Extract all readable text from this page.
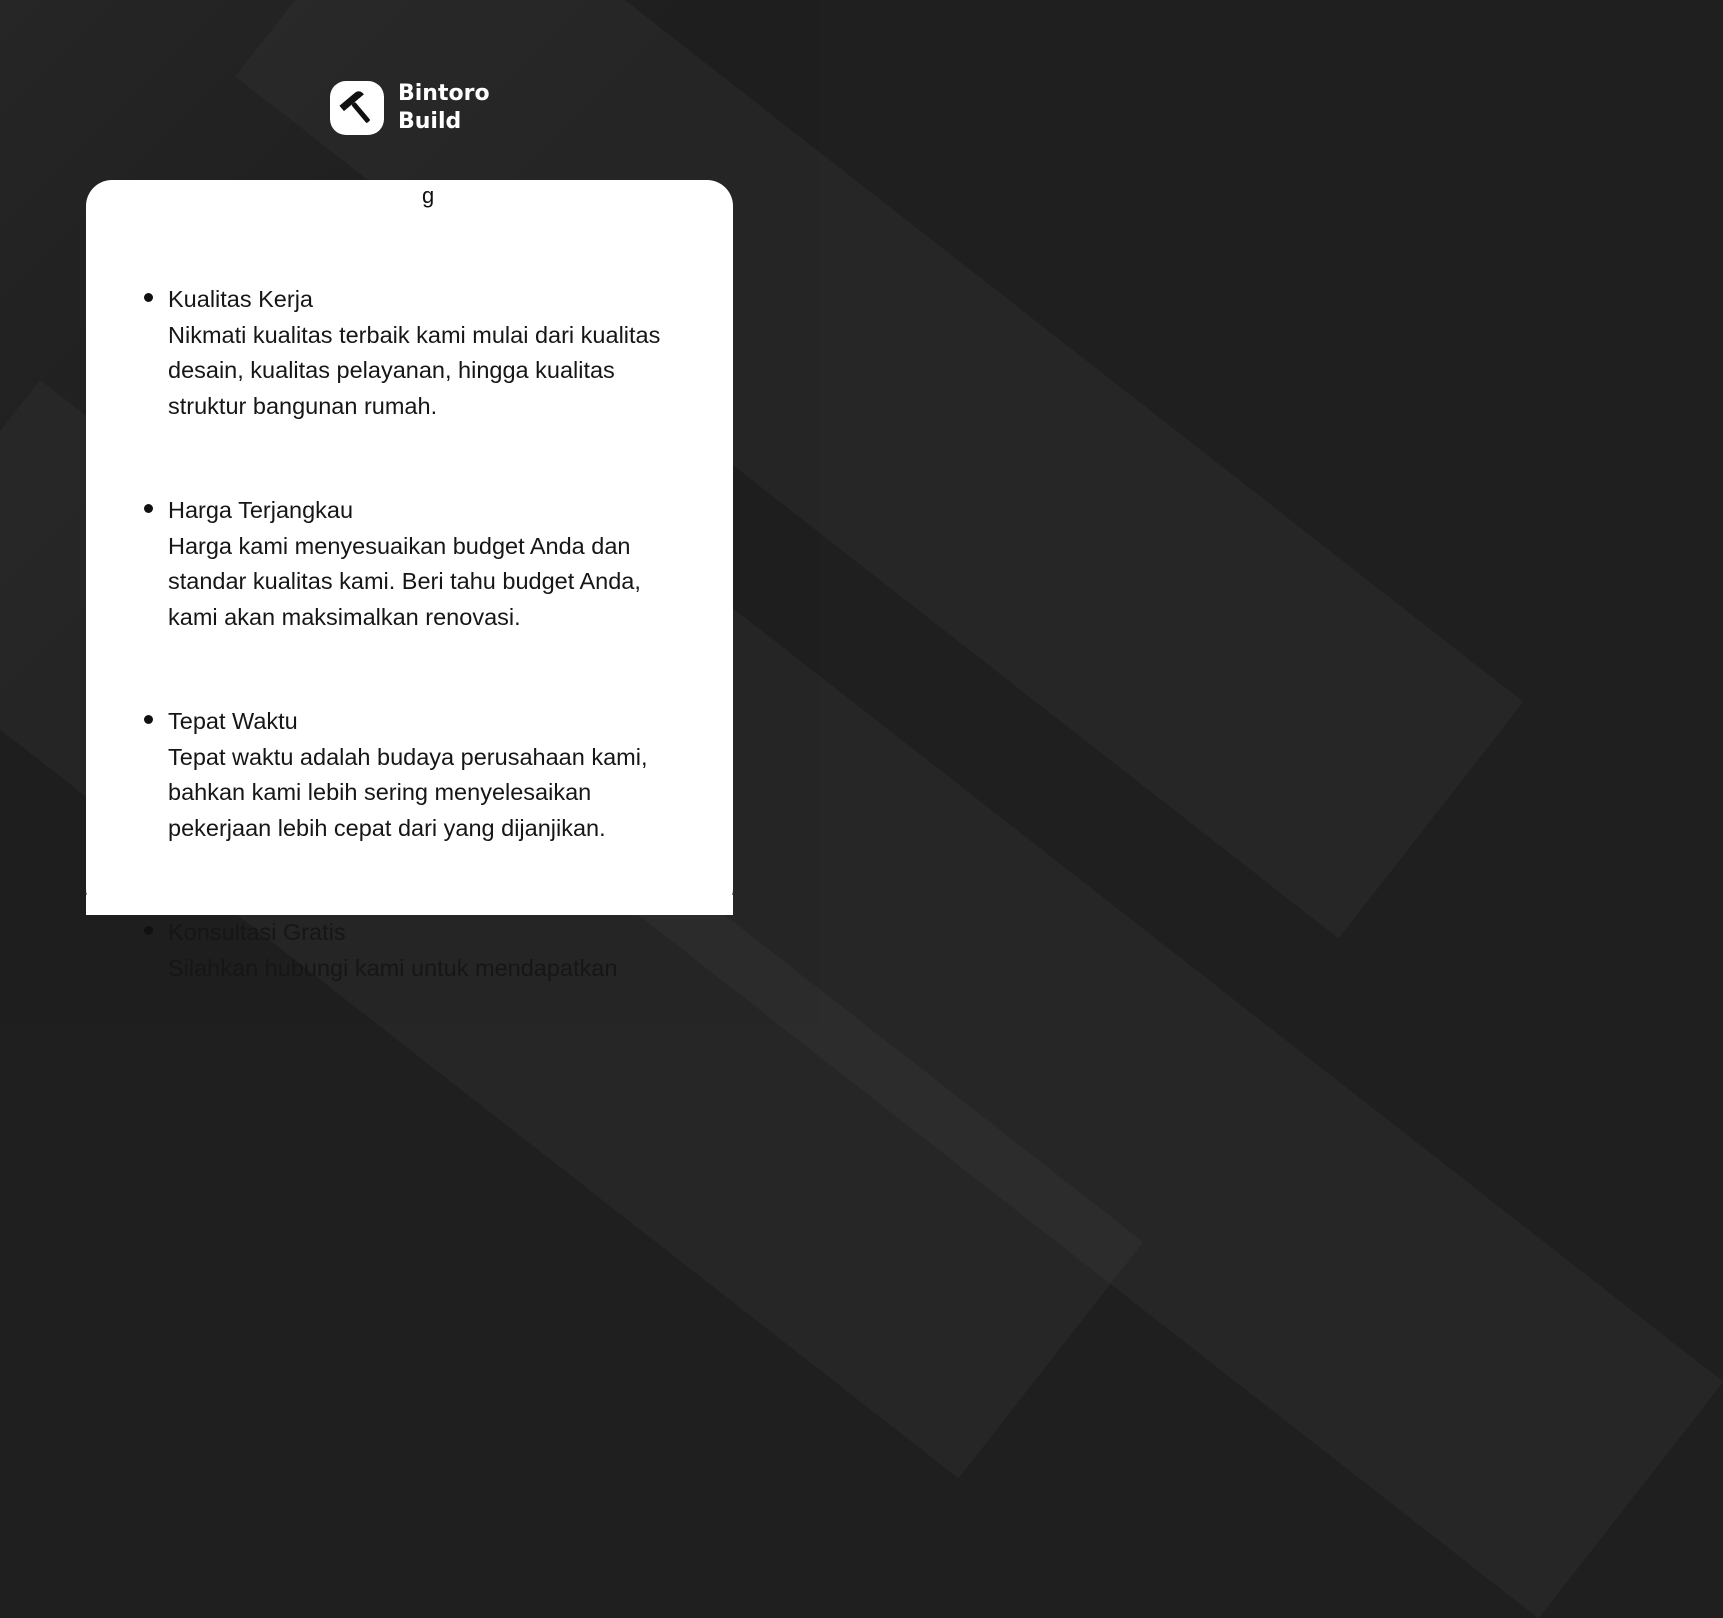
Bintoro
Build
g
Kualitas Kerja
Nikmati kualitas terbaik kami mulai dari kualitas
desain, kualitas pelayanan, hingga kualitas
struktur bangunan rumah.
Harga Terjangkau
Harga kami menyesuaikan budget Anda dan
standar kualitas kami. Beri tahu budget Anda,
kami akan maksimalkan renovasi.
Tepat Waktu
Tepat waktu adalah budaya perusahaan kami,
bahkan kami lebih sering menyelesaikan
pekerjaan lebih cepat dari yang dijanjikan.
Konsultasi Gratis
Silahkan hubungi kami untuk mendapatkan
